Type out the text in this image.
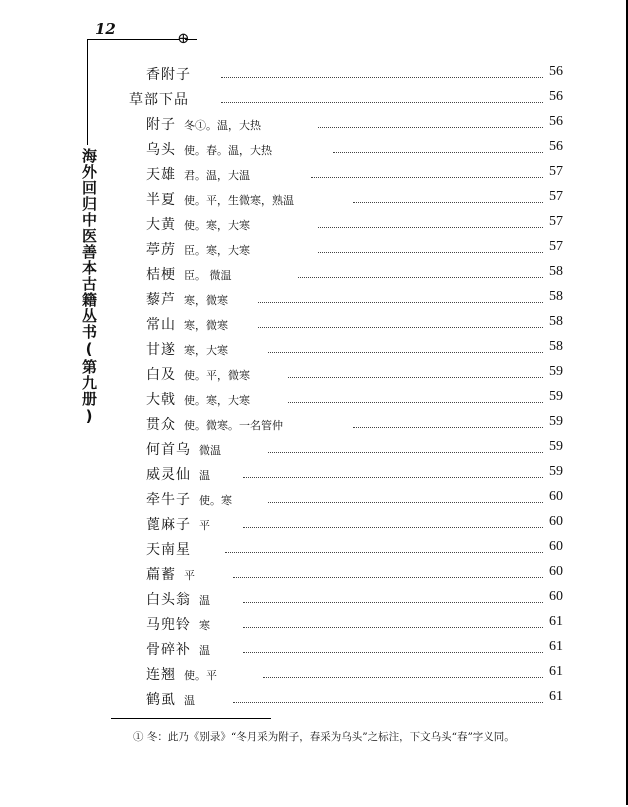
12	⊕
海外回归中医善本古籍丛书(第九册)
香附子	56
草部下品	56
附子 冬①。温，大热	56
乌头 使。春。温，大热	56
天雄 君。温，大温	57
半夏 使。平，生微寒，熟温	57
大黄 使。寒，大寒	57
葶苈 臣。寒，大寒	57
桔梗 臣。 微温	58
藜芦 寒，微寒	58
常山 寒，微寒	58
甘遂 寒，大寒	58
白及 使。平，微寒	59
大戟 使。寒，大寒	59
贯众 使。微寒。一名管仲	59
何首乌 微温	59
威灵仙 温	59
牵牛子 使。寒	60
蓖麻子 平	60
天南星	60
萹蓄 平	60
白头翁 温	60
马兜铃 寒	61
骨碎补 温	61
连翘 使。平	61
鹤虱 温	61
① 冬：此乃《别录》“冬月采为附子，春采为乌头”之标注，下文乌头“春”字义同。
